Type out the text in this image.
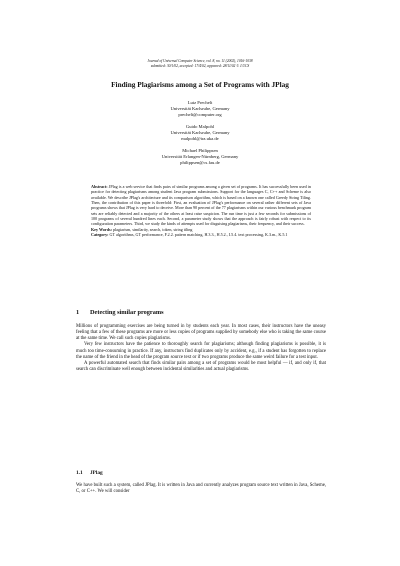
Journal of Universal Computer Science, vol. 8, no. 11 (2002), 1016-1038
submitted: 30/1/02, accepted: 17/4/02, appeared: 28/11/02 © J.UCS
Finding Plagiarisms among a Set of Programs with JPlag
Lutz Prechelt
Universität Karlsruhe, Germany
prechelt@computer.org
Guido Malpohl
Universität Karlsruhe, Germany
malpohl@ira.uka.de
Michael Philippsen
Universität Erlangen-Nürnberg, Germany
philippsen@cs.fau.de

Abstract: JPlag is a web service that finds pairs of similar programs among a given set of programs. It has successfully been used in practice for detecting plagiarisms among student Java program submissions. Support for the languages C, C++ and Scheme is also available. We describe JPlag's architecture and its comparison algorithm, which is based on a known one called Greedy String Tiling. Then, the contribution of this paper is threefold: First, an evaluation of JPlag's performance on several rather different sets of Java programs shows that JPlag is very hard to deceive. More than 90 percent of the 77 plagiarisms within our various benchmark program sets are reliably detected and a majority of the others at least raise suspicion. The run time is just a few seconds for submissions of 100 programs of several hundred lines each. Second, a parameter study shows that the approach is fairly robust with respect to its configuration parameters. Third, we study the kinds of attempts used for disguising plagiarisms, their frequency, and their success.

Key Words: plagiarism, similarity, search, token, string tiling

Category: GT algorithms, GT performance, F.2.2. pattern matching, H.3.3., H.5.2., I.5.4. text processing, K.3.m., K.5.1

1 Detecting similar programs

Millions of programming exercises are being turned in by students each year. In most cases, their instructors have the uneasy feeling that a few of these programs are more or less copies of programs supplied by somebody else who is taking the same course at the same time. We call such copies plagiarisms.

Very few instructors have the patience to thoroughly search for plagiarisms; although finding plagiarisms is possible, it is much too time-consuming in practice. If any, instructors find duplicates only by accident, e.g., if a student has forgotten to replace the name of the friend in the head of the program source text or if two programs produce the same weird failure for a test input.

A powerful automated search that finds similar pairs among a set of programs would be most helpful — if, and only if, that search can discriminate well enough between incidental similarities and actual plagiarisms.

1.1 JPlag

We have built such a system, called JPlag. It is written in Java and currently analyzes program source text written in Java, Scheme, C, or C++. We will consider
